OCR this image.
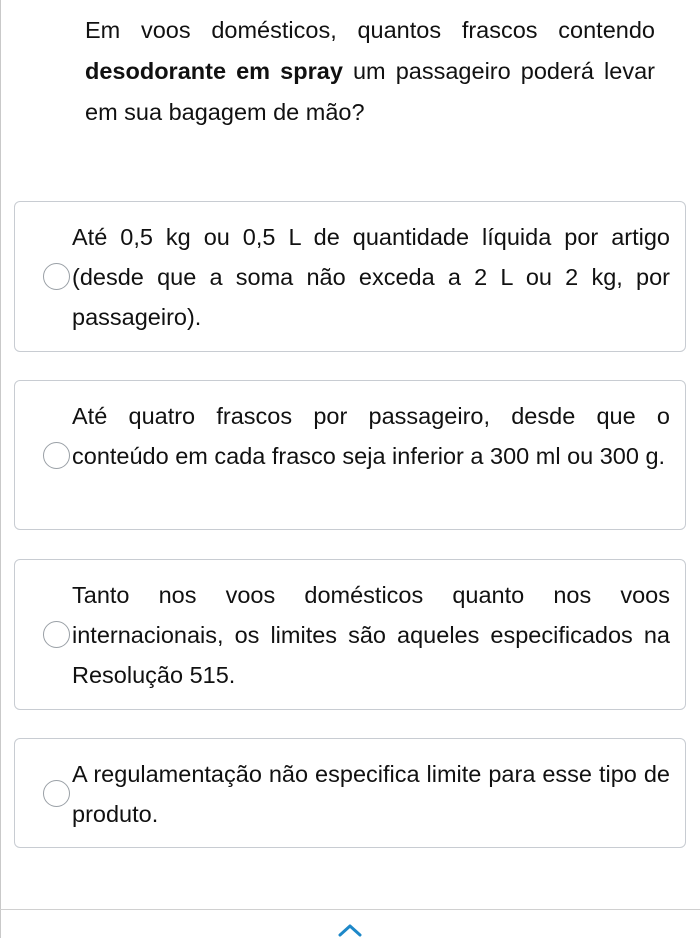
Em voos domésticos, quantos frascos contendo desodorante em spray um passageiro poderá levar em sua bagagem de mão?
Até 0,5 kg ou 0,5 L de quantidade líquida por artigo (desde que a soma não exceda a 2 L ou 2 kg, por passageiro).
Até quatro frascos por passageiro, desde que o conteúdo em cada frasco seja inferior a 300 ml ou 300 g.
Tanto nos voos domésticos quanto nos voos internacionais, os limites são aqueles especificados na Resolução 515.
A regulamentação não especifica limite para esse tipo de produto.
